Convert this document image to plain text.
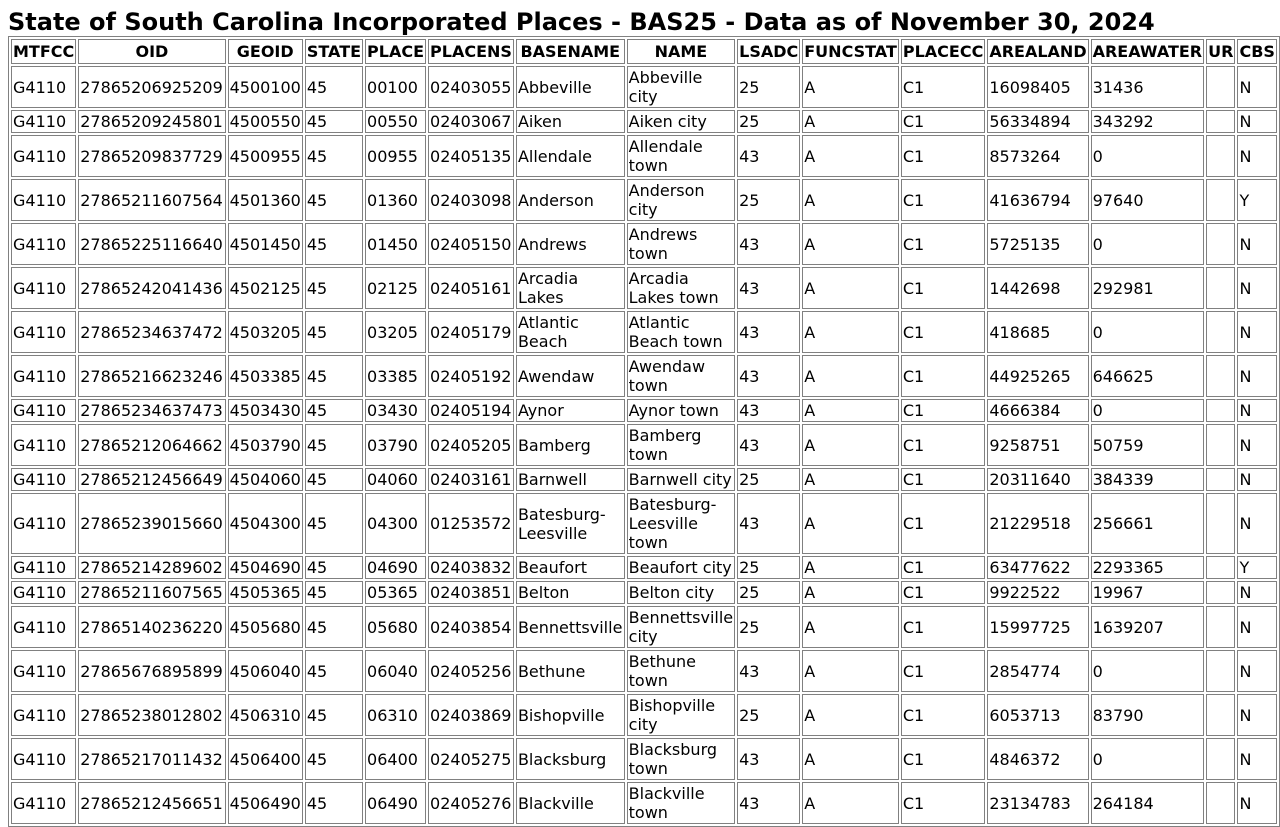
State of South Carolina Incorporated Places - BAS25 - Data as of November 30, 2024
MTFCC	OID	GEOID	STATE	PLACE	PLACENS	BASENAME	NAME	LSADC	FUNCSTAT	PLACECC	AREALAND	AREAWATER	UR	CBS
G4110	27865206925209	4500100	45	00100	02403055	Abbeville	Abbeville city	25	A	C1	16098405	31436		N
G4110	27865209245801	4500550	45	00550	02403067	Aiken	Aiken city	25	A	C1	56334894	343292		N
G4110	27865209837729	4500955	45	00955	02405135	Allendale	Allendale town	43	A	C1	8573264	0		N
G4110	27865211607564	4501360	45	01360	02403098	Anderson	Anderson city	25	A	C1	41636794	97640		Y
G4110	27865225116640	4501450	45	01450	02405150	Andrews	Andrews town	43	A	C1	5725135	0		N
G4110	27865242041436	4502125	45	02125	02405161	Arcadia Lakes	Arcadia Lakes town	43	A	C1	1442698	292981		N
G4110	27865234637472	4503205	45	03205	02405179	Atlantic Beach	Atlantic Beach town	43	A	C1	418685	0		N
G4110	27865216623246	4503385	45	03385	02405192	Awendaw	Awendaw town	43	A	C1	44925265	646625		N
G4110	27865234637473	4503430	45	03430	02405194	Aynor	Aynor town	43	A	C1	4666384	0		N
G4110	27865212064662	4503790	45	03790	02405205	Bamberg	Bamberg town	43	A	C1	9258751	50759		N
G4110	27865212456649	4504060	45	04060	02403161	Barnwell	Barnwell city	25	A	C1	20311640	384339		N
G4110	27865239015660	4504300	45	04300	01253572	Batesburg-Leesville	Batesburg-Leesville town	43	A	C1	21229518	256661		N
G4110	27865214289602	4504690	45	04690	02403832	Beaufort	Beaufort city	25	A	C1	63477622	2293365		Y
G4110	27865211607565	4505365	45	05365	02403851	Belton	Belton city	25	A	C1	9922522	19967		N
G4110	27865140236220	4505680	45	05680	02403854	Bennettsville	Bennettsville city	25	A	C1	15997725	1639207		N
G4110	27865676895899	4506040	45	06040	02405256	Bethune	Bethune town	43	A	C1	2854774	0		N
G4110	27865238012802	4506310	45	06310	02403869	Bishopville	Bishopville city	25	A	C1	6053713	83790		N
G4110	27865217011432	4506400	45	06400	02405275	Blacksburg	Blacksburg town	43	A	C1	4846372	0		N
G4110	27865212456651	4506490	45	06490	02405276	Blackville	Blackville town	43	A	C1	23134783	264184		N
